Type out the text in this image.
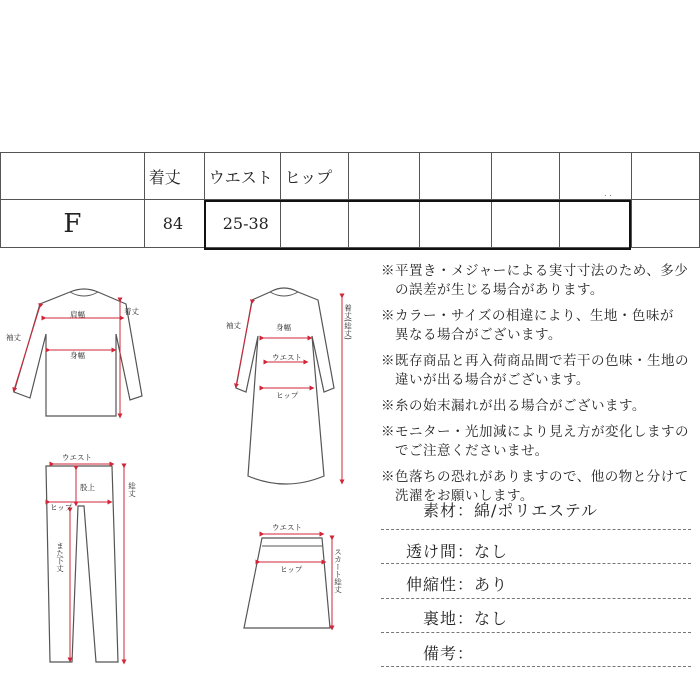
	着丈	ウエスト	ヒップ					
F	84	25-38						
. .
※平置き・メジャーによる実寸寸法のため、多少
の誤差が生じる場合があります。
※カラー・サイズの相違により、生地・色味が
異なる場合がございます。
※既存商品と再入荷商品間で若干の色味・生地の
違いが出る場合がございます。
※糸の始末漏れが出る場合がございます。
※モニター・光加減により見え方が変化しますの
でご注意くださいませ。
※色落ちの恐れがありますので、他の物と分けて
洗濯をお願いします。
素材：綿/ポリエステル
透け間：なし
伸縮性：あり
裏地：なし
備考：
肩幅
身幅
袖丈
着丈
袖丈	身幅
ウエスト
ヒップ
着丈(総丈)
ウエスト
股上
ヒップ
また下丈
総丈
ウエスト
ヒップ	スカート総丈
